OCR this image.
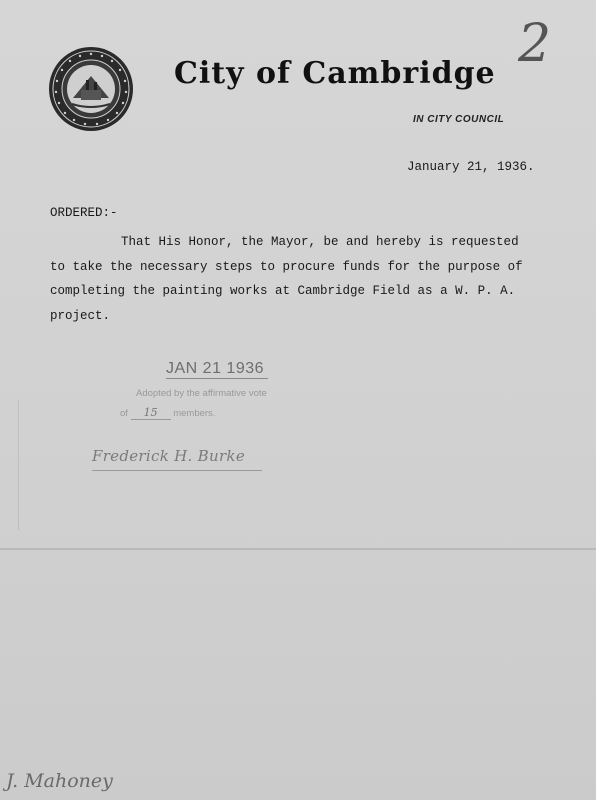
City of Cambridge
IN CITY COUNCIL
2
January 21, 1936.
ORDERED:-
That His Honor, the Mayor, be and hereby is requested
to take the necessary steps to procure funds for the purpose of
completing the painting works at Cambridge Field as a W. P. A.
project.
JAN 21 1936
Adopted by the affirmative vote
of 15 members.
Frederick H. Burke
J. Mahoney
